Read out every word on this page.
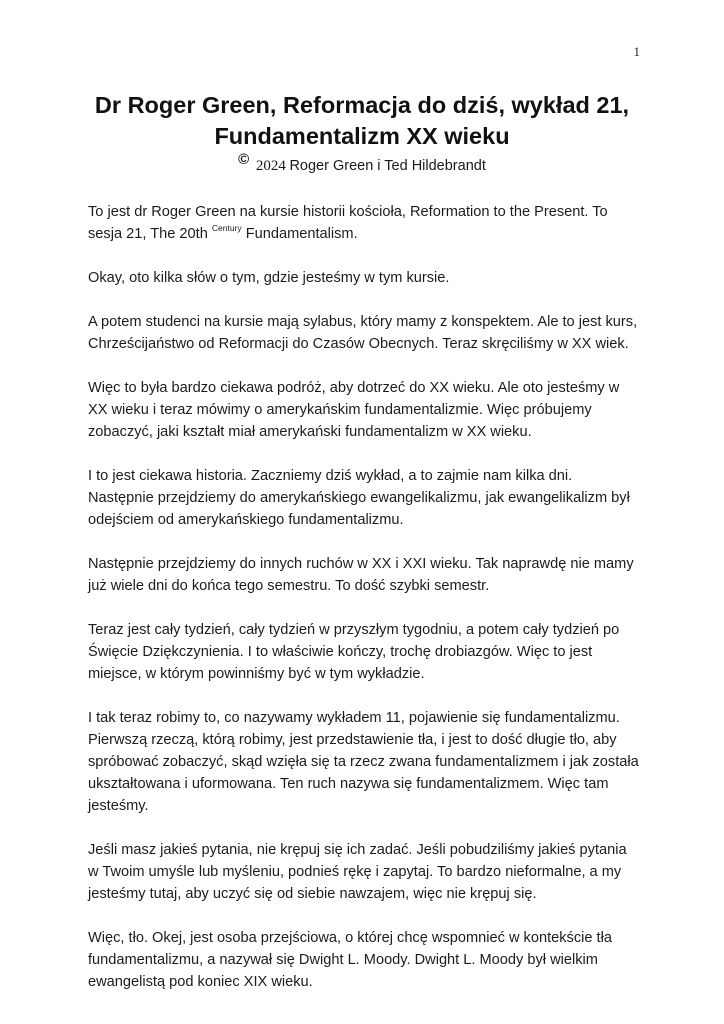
1
Dr Roger Green, Reformacja do dziś, wykład 21,
Fundamentalizm XX wieku
© 2024 Roger Green i Ted Hildebrandt

To jest dr Roger Green na kursie historii kościoła, Reformation to the Present. To sesja 21, The 20th $^{Century}$ Fundamentalism.

Okay, oto kilka słów o tym, gdzie jesteśmy w tym kursie.

A potem studenci na kursie mają sylabus, który mamy z konspektem. Ale to jest kurs, Chrześcijaństwo od Reformacji do Czasów Obecnych. Teraz skręciliśmy w XX wiek.

Więc to była bardzo ciekawa podróż, aby dotrzeć do XX wieku. Ale oto jesteśmy w XX wieku i teraz mówimy o amerykańskim fundamentalizmie. Więc próbujemy zobaczyć, jaki kształt miał amerykański fundamentalizm w XX wieku.

I to jest ciekawa historia. Zaczniemy dziś wykład, a to zajmie nam kilka dni. Następnie przejdziemy do amerykańskiego ewangelikalizmu, jak ewangelikalizm był odejściem od amerykańskiego fundamentalizmu.

Następnie przejdziemy do innych ruchów w XX i XXI wieku. Tak naprawdę nie mamy już wiele dni do końca tego semestru. To dość szybki semestr.

Teraz jest cały tydzień, cały tydzień w przyszłym tygodniu, a potem cały tydzień po Święcie Dziękczynienia. I to właściwie kończy, trochę drobiazgów. Więc to jest miejsce, w którym powinniśmy być w tym wykładzie.

I tak teraz robimy to, co nazywamy wykładem 11, pojawienie się fundamentalizmu. Pierwszą rzeczą, którą robimy, jest przedstawienie tła, i jest to dość długie tło, aby spróbować zobaczyć, skąd wzięła się ta rzecz zwana fundamentalizmem i jak została ukształtowana i uformowana. Ten ruch nazywa się fundamentalizmem. Więc tam jesteśmy.

Jeśli masz jakieś pytania, nie krępuj się ich zadać. Jeśli pobudziliśmy jakieś pytania w Twoim umyśle lub myśleniu, podnieś rękę i zapytaj. To bardzo nieformalne, a my jesteśmy tutaj, aby uczyć się od siebie nawzajem, więc nie krępuj się.

Więc, tło. Okej, jest osoba przejściowa, o której chcę wspomnieć w kontekście tła fundamentalizmu, a nazywał się Dwight L. Moody. Dwight L. Moody był wielkim ewangelistą pod koniec XIX wieku.
